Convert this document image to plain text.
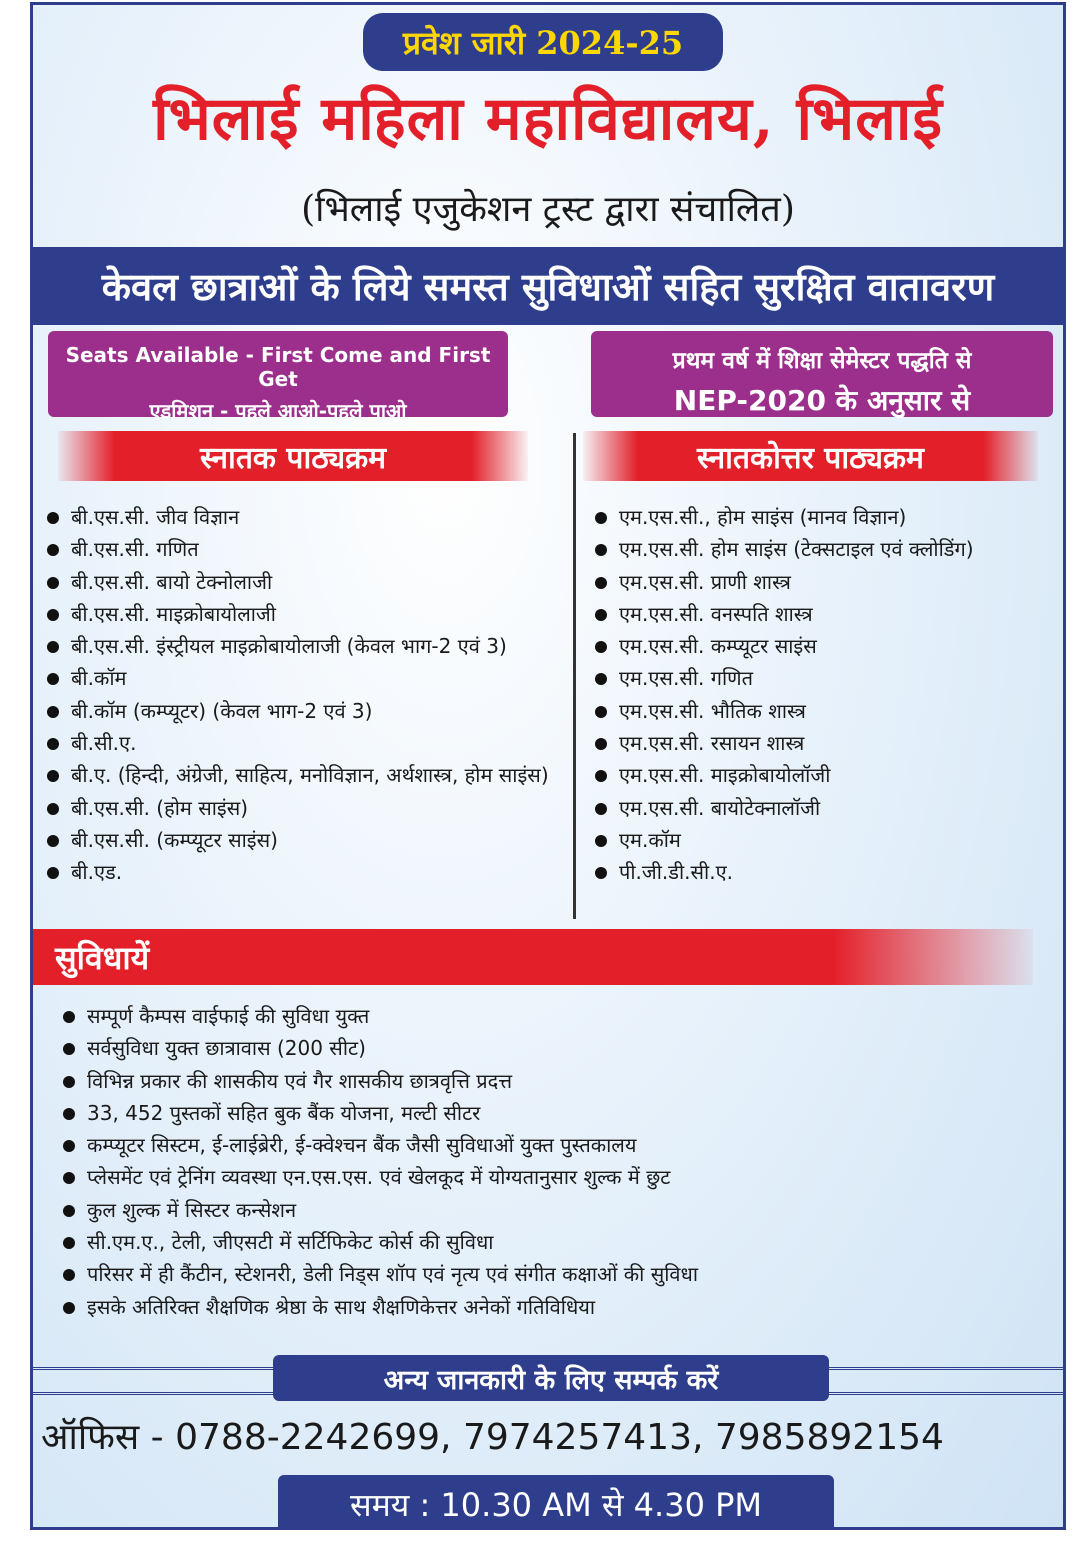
प्रवेश जारी 2024-25
भिलाई महिला महाविद्यालय, भिलाई
(भिलाई एजुकेशन ट्रस्ट द्वारा संचालित)
केवल छात्राओं के लिये समस्त सुविधाओं सहित सुरक्षित वातावरण
Seats Available - First Come and First Get
एडमिशन - पहले आओ-पहले पाओ
प्रथम वर्ष में शिक्षा सेमेस्टर पद्धति से
NEP-2020 के अनुसार से
स्नातक पाठ्यक्रम	स्नातकोत्तर पाठ्यक्रम
बी.एस.सी. जीव विज्ञान
बी.एस.सी. गणित
बी.एस.सी. बायो टेक्नोलाजी
बी.एस.सी. माइक्रोबायोलाजी
बी.एस.सी. इंस्ट्रीयल माइक्रोबायोलाजी (केवल भाग-2 एवं 3)
बी.कॉम
बी.कॉम (कम्प्यूटर) (केवल भाग-2 एवं 3)
बी.सी.ए.
बी.ए. (हिन्दी, अंग्रेजी, साहित्य, मनोविज्ञान, अर्थशास्त्र, होम साइंस)
बी.एस.सी. (होम साइंस)
बी.एस.सी. (कम्प्यूटर साइंस)
बी.एड.
एम.एस.सी., होम साइंस (मानव विज्ञान)
एम.एस.सी. होम साइंस (टेक्सटाइल एवं क्लोडिंग)
एम.एस.सी. प्राणी शास्त्र
एम.एस.सी. वनस्पति शास्त्र
एम.एस.सी. कम्प्यूटर साइंस
एम.एस.सी. गणित
एम.एस.सी. भौतिक शास्त्र
एम.एस.सी. रसायन शास्त्र
एम.एस.सी. माइक्रोबायोलॉजी
एम.एस.सी. बायोटेक्नालॉजी
एम.कॉम
पी.जी.डी.सी.ए.
सुविधायें
सम्पूर्ण कैम्पस वाईफाई की सुविधा युक्त
सर्वसुविधा युक्त छात्रावास (200 सीट)
विभिन्न प्रकार की शासकीय एवं गैर शासकीय छात्रवृत्ति प्रदत्त
33, 452 पुस्तकों सहित बुक बैंक योजना, मल्टी सीटर
कम्प्यूटर सिस्टम, ई-लाईब्रेरी, ई-क्वेश्चन बैंक जैसी सुविधाओं युक्त पुस्तकालय
प्लेसमेंट एवं ट्रेनिंग व्यवस्था एन.एस.एस. एवं खेलकूद में योग्यतानुसार शुल्क में छुट
कुल शुल्क में सिस्टर कन्सेशन
सी.एम.ए., टेली, जीएसटी में सर्टिफिकेट कोर्स की सुविधा
परिसर में ही कैंटीन, स्टेशनरी, डेली निड्स शॉप एवं नृत्य एवं संगीत कक्षाओं की सुविधा
इसके अतिरिक्त शैक्षणिक श्रेष्ठा के साथ शैक्षणिकेत्तर अनेकों गतिविधिया
अन्य जानकारी के लिए सम्पर्क करें
ऑफिस - 0788-2242699, 7974257413, 7985892154
समय : 10.30 AM से 4.30 PM
